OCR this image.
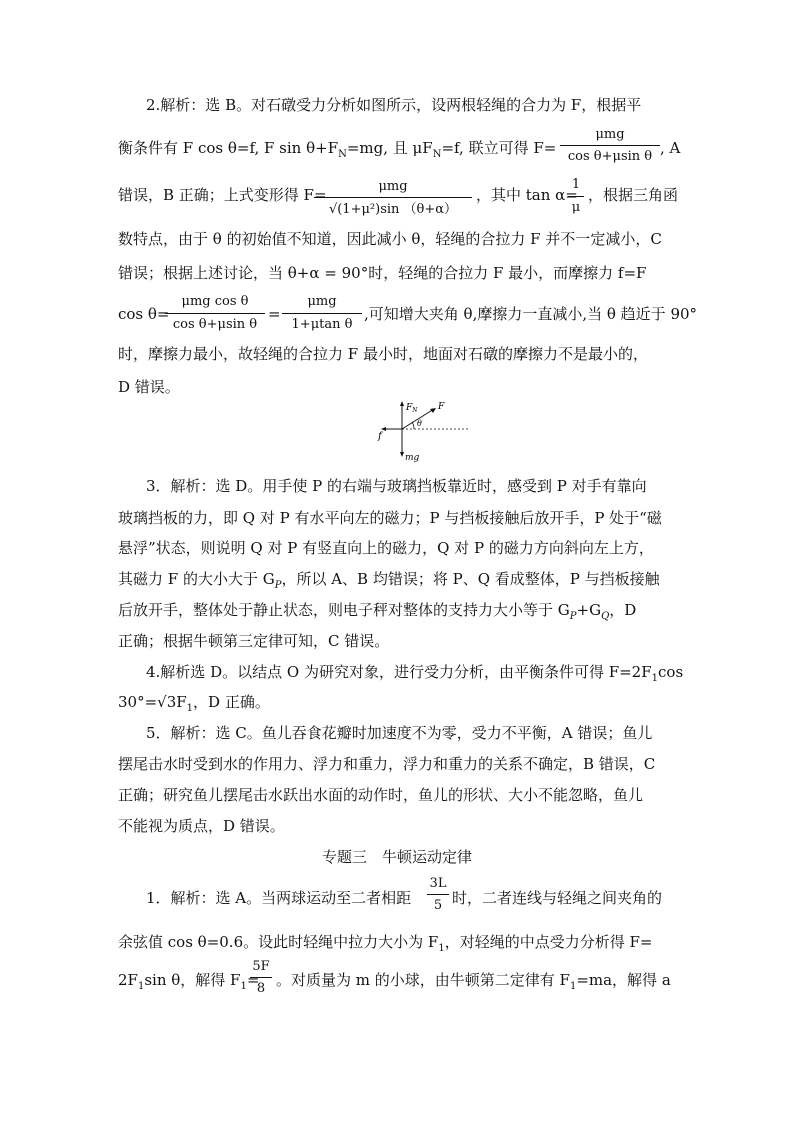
2.解析：选 B。对石礅受力分析如图所示，设两根轻绳的合力为 F，根据平
衡条件有 F cos θ=f, F $\sin \theta+F_N=mg$, 且 $\mu F_N=f$, 联立可得 F=
μmg
cos θ+μsin θ , A
错误，B 正确；上式变形得 F=	μmg
√(1+μ²)sin （θ+α）
，其中 tan α=
1
μ
，根据三角函
数特点，由于 θ 的初始值不知道，因此减小 θ，轻绳的合拉力 F 并不一定减小，C
错误；根据上述讨论，当 θ+α = 90°时，轻绳的合拉力 F 最小，而摩擦力 f=F
cos θ=
μmg cos θ
cos θ+μsin θ
=
μmg
1+μtan θ
,可知增大夹角 θ,摩擦力一直减小,当 θ 趋近于 90°
时，摩擦力最小，故轻绳的合拉力 F 最小时，地面对石礅的摩擦力不是最小的，
D 错误。
$F_N$ F
θ
f
mg
3．解析：选 D。用手使 P 的右端与玻璃挡板靠近时，感受到 P 对手有靠向
玻璃挡板的力，即 Q 对 P 有水平向左的磁力；P 与挡板接触后放开手，P 处于“磁
悬浮”状态，则说明 Q 对 P 有竖直向上的磁力，Q 对 P 的磁力方向斜向左上方，
其磁力 F 的大小大于 $G_P$，所以 A、B 均错误；将 P、Q 看成整体，P 与挡板接触
后放开手，整体处于静止状态，则电子秤对整体的支持力大小等于 $G_P+G_Q$，D
正确；根据牛顿第三定律可知，C 错误。
4.解析选 D。以结点 O 为研究对象，进行受力分析，由平衡条件可得 $F=2F_1\cos$
$30^\circ=√3F_1$，D 正确。
5．解析：选 C。鱼儿吞食花瓣时加速度不为零，受力不平衡，A 错误；鱼儿
摆尾击水时受到水的作用力、浮力和重力，浮力和重力的关系不确定，B 错误，C
正确；研究鱼儿摆尾击水跃出水面的动作时，鱼儿的形状、大小不能忽略，鱼儿
不能视为质点，D 错误。
专题三　牛顿运动定律
1．解析：选 A。当两球运动至二者相距
3L
5 时，二者连线与轻绳之间夹角的
余弦值 cos θ=0.6。设此时轻绳中拉力大小为 $F_1$，对轻绳的中点受力分析得 F=
$2F_1\sin$ θ，解得 $F_1=$
5F
8 。对质量为 m 的小球，由牛顿第二定律有 $F_1=ma$，解得 a
